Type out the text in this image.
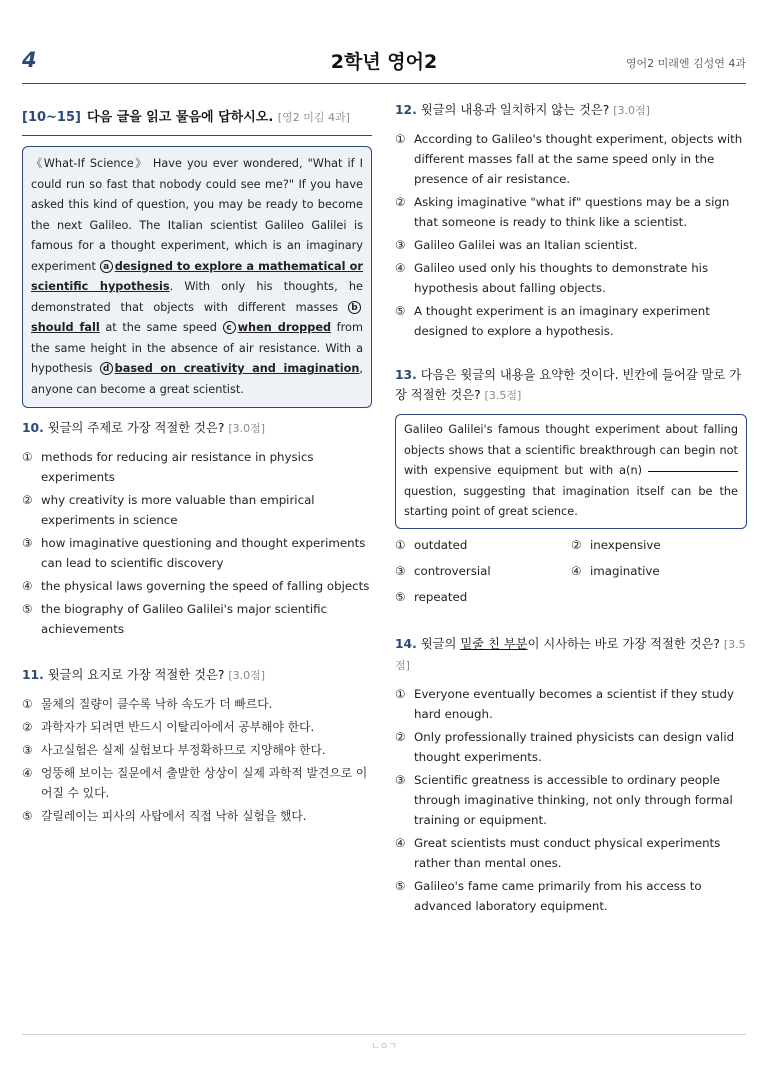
4	2학년 영어2	영어2 미래엔 김성연 4과
[10~15] 다음 글을 읽고 물음에 답하시오. [영2 미김 4과]
《What-If Science》 Have you ever wondered, "What if I could run so fast that nobody could see me?" If you have asked this kind of question, you may be ready to become the next Galileo. The Italian scientist Galileo Galilei is famous for a thought experiment, which is an imaginary experiment a designed to explore a mathematical or scientific hypothesis. With only his thoughts, he demonstrated that objects with different masses bshould fall at the same speed c when dropped from the same height in the absence of air resistance. With a hypothesis d based on creativity and imagination, anyone can become a great scientist.
10. 윗글의 주제로 가장 적절한 것은? [3.0점]
① methods for reducing air resistance in physics experiments
② why creativity is more valuable than empirical experiments in science
③ how imaginative questioning and thought experiments can lead to scientific discovery
④ the physical laws governing the speed of falling objects
⑤ the biography of Galileo Galilei's major scientific achievements
11. 윗글의 요지로 가장 적절한 것은? [3.0점]
① 물체의 질량이 클수록 낙하 속도가 더 빠르다.
② 과학자가 되려면 반드시 이탈리아에서 공부해야 한다.
③ 사고실험은 실제 실험보다 부정확하므로 지양해야 한다.
④ 엉뚱해 보이는 질문에서 출발한 상상이 실제 과학적 발견으로 이어질 수 있다.
⑤ 갈릴레이는 피사의 사탑에서 직접 낙하 실험을 했다.
12. 윗글의 내용과 일치하지 않는 것은? [3.0점]
① According to Galileo's thought experiment, objects with different masses fall at the same speed only in the presence of air resistance.
② Asking imaginative "what if" questions may be a sign that someone is ready to think like a scientist.
③ Galileo Galilei was an Italian scientist.
④ Galileo used only his thoughts to demonstrate his hypothesis about falling objects.
⑤ A thought experiment is an imaginary experiment designed to explore a hypothesis.
13. 다음은 윗글의 내용을 요약한 것이다. 빈칸에 들어갈 말로 가장 적절한 것은? [3.5점]
Galileo Galilei's famous thought experiment about falling objects shows that a scientific breakthrough can begin not with expensive equipment but with a(n)  question, suggesting that imagination itself can be the starting point of great science.
① outdated	② inexpensive
③ controversial	④ imaginative
⑤ repeated
14. 윗글의 밑줄 친 부분이 시사하는 바로 가장 적절한 것은? [3.5점]
① Everyone eventually becomes a scientist if they study hard enough.
② Only professionally trained physicists can design valid thought experiments.
③ Scientific greatness is accessible to ordinary people through imaginative thinking, not only through formal training or equipment.
④ Great scientists must conduct physical experiments rather than mental ones.
⑤ Galileo's fame came primarily from his access to advanced laboratory equipment.
ㄴㅇㄱ
